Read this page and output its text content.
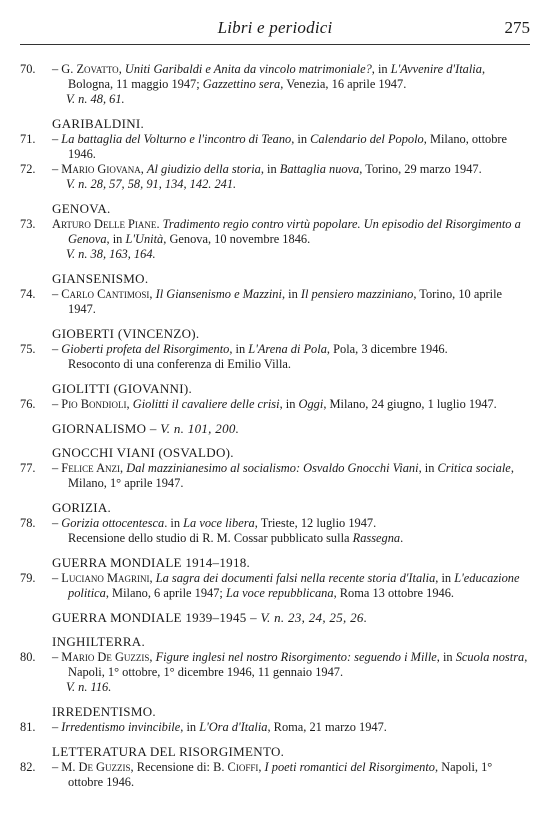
Libri e periodici	275
70.	– G. Zovatto, Uniti Garibaldi e Anita da vincolo matrimoniale?, in L'Avvenire d'Italia, Bologna, 11 maggio 1947; Gazzettino sera, Venezia, 16 aprile 1947.
V. n. 48, 61.
GARIBALDINI.
71.	– La battaglia del Volturno e l'incontro di Teano, in Calendario del Popolo, Milano, ottobre 1946.
72.	– Mario Giovana, Al giudizio della storia, in Battaglia nuova, Torino, 29 marzo 1947.
V. n. 28, 57, 58, 91, 134, 142. 241.
GENOVA.
73.	Arturo Delle Piane. Tradimento regio contro virtù popolare. Un episodio del Risorgimento a Genova, in L'Unità, Genova, 10 novembre 1846.
V. n. 38, 163, 164.
GIANSENISMO.
74.	– Carlo Cantimosi, Il Giansenismo e Mazzini, in Il pensiero mazziniano, Torino, 10 aprile 1947.
GIOBERTI (VINCENZO).
75.	– Gioberti profeta del Risorgimento, in L'Arena di Pola, Pola, 3 dicembre 1946.
Resoconto di una conferenza di Emilio Villa.
GIOLITTI (GIOVANNI).
76.	– Pio Bondioli, Giolitti il cavaliere delle crisi, in Oggi, Milano, 24 giugno, 1 luglio 1947.
GIORNALISMO – V. n. 101, 200.
GNOCCHI VIANI (OSVALDO).
77.	– Felice Anzi, Dal mazzinianesimo al socialismo: Osvaldo Gnocchi Viani, in Critica sociale, Milano, 1° aprile 1947.
GORIZIA.
78.	– Gorizia ottocentesca. in La voce libera, Trieste, 12 luglio 1947.
Recensione dello studio di R. M. Cossar pubblicato sulla Rassegna.
GUERRA MONDIALE 1914–1918.
79.	– Luciano Magrini, La sagra dei documenti falsi nella recente storia d'Italia, in L'educazione politica, Milano, 6 aprile 1947; La voce repubblicana, Roma 13 ottobre 1946.
GUERRA MONDIALE 1939–1945 – V. n. 23, 24, 25, 26.
INGHILTERRA.
80.	– Mario De Guzzis, Figure inglesi nel nostro Risorgimento: seguendo i Mille, in Scuola nostra, Napoli, 1° ottobre, 1° dicembre 1946, 11 gennaio 1947.
V. n. 116.
IRREDENTISMO.
81.	– Irredentismo invincibile, in L'Ora d'Italia, Roma, 21 marzo 1947.
LETTERATURA DEL RISORGIMENTO.
82.	– M. De Guzzis, Recensione di: B. Cioffi, I poeti romantici del Risorgimento, Napoli, 1° ottobre 1946.
